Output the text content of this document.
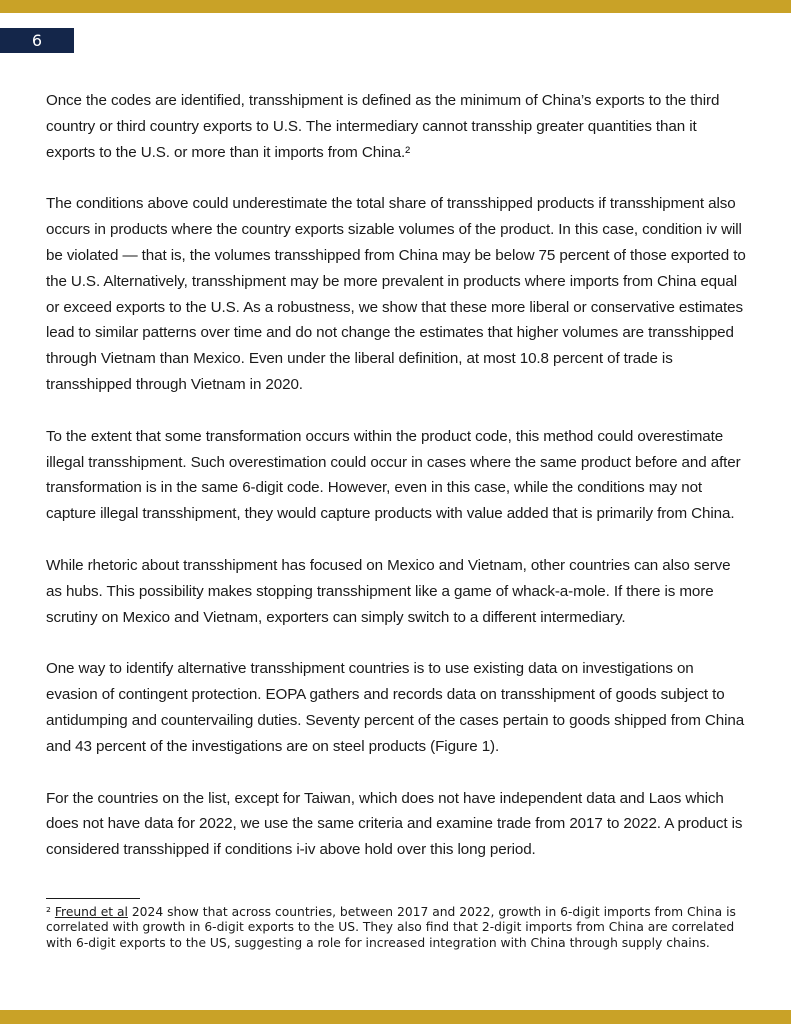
6

Once the codes are identified, transshipment is defined as the minimum of China’s exports to the third country or third country exports to U.S. The intermediary cannot transship greater quantities than it exports to the U.S. or more than it imports from China.²

The conditions above could underestimate the total share of transshipped products if transshipment also occurs in products where the country exports sizable volumes of the product. In this case, condition iv will be violated — that is, the volumes transshipped from China may be below 75 percent of those exported to the U.S. Alternatively, transshipment may be more prevalent in products where imports from China equal or exceed exports to the U.S. As a robustness, we show that these more liberal or conservative estimates lead to similar patterns over time and do not change the estimates that higher volumes are transshipped through Vietnam than Mexico. Even under the liberal definition, at most 10.8 percent of trade is transshipped through Vietnam in 2020.

To the extent that some transformation occurs within the product code, this method could overestimate illegal transshipment. Such overestimation could occur in cases where the same product before and after transformation is in the same 6-digit code. However, even in this case, while the conditions may not capture illegal transshipment, they would capture products with value added that is primarily from China.

While rhetoric about transshipment has focused on Mexico and Vietnam, other countries can also serve as hubs. This possibility makes stopping transshipment like a game of whack-a-mole. If there is more scrutiny on Mexico and Vietnam, exporters can simply switch to a different intermediary.

One way to identify alternative transshipment countries is to use existing data on investigations on evasion of contingent protection. EOPA gathers and records data on transshipment of goods subject to antidumping and countervailing duties. Seventy percent of the cases pertain to goods shipped from China and 43 percent of the investigations are on steel products (Figure 1).

For the countries on the list, except for Taiwan, which does not have independent data and Laos which does not have data for 2022, we use the same criteria and examine trade from 2017 to 2022. A product is considered transshipped if conditions i-iv above hold over this long period.

² Freund et al 2024 show that across countries, between 2017 and 2022, growth in 6-digit imports from China is correlated with growth in 6-digit exports to the US. They also find that 2-digit imports from China are correlated with 6-digit exports to the US, suggesting a role for increased integration with China through supply chains.
